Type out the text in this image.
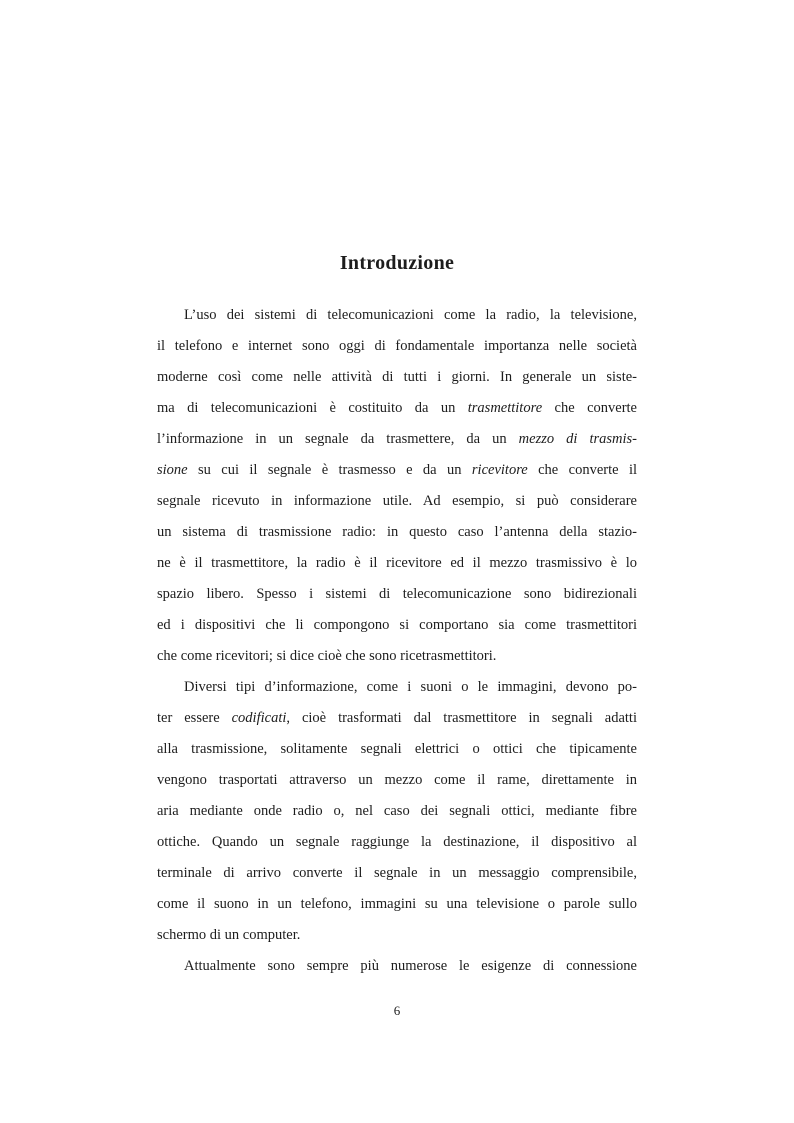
Introduzione
L’uso dei sistemi di telecomunicazioni come la radio, la televisione,
il telefono e internet sono oggi di fondamentale importanza nelle società
moderne così come nelle attività di tutti i giorni. In generale un siste-
ma di telecomunicazioni è costituito da un trasmettitore che converte
l’informazione in un segnale da trasmettere, da un mezzo di trasmis-
sione su cui il segnale è trasmesso e da un ricevitore che converte il
segnale ricevuto in informazione utile. Ad esempio, si può considerare
un sistema di trasmissione radio: in questo caso l’antenna della stazio-
ne è il trasmettitore, la radio è il ricevitore ed il mezzo trasmissivo è lo
spazio libero. Spesso i sistemi di telecomunicazione sono bidirezionali
ed i dispositivi che li compongono si comportano sia come trasmettitori
che come ricevitori; si dice cioè che sono ricetrasmettitori.
Diversi tipi d’informazione, come i suoni o le immagini, devono po-
ter essere codificati, cioè trasformati dal trasmettitore in segnali adatti
alla trasmissione, solitamente segnali elettrici o ottici che tipicamente
vengono trasportati attraverso un mezzo come il rame, direttamente in
aria mediante onde radio o, nel caso dei segnali ottici, mediante fibre
ottiche. Quando un segnale raggiunge la destinazione, il dispositivo al
terminale di arrivo converte il segnale in un messaggio comprensibile,
come il suono in un telefono, immagini su una televisione o parole sullo
schermo di un computer.
Attualmente sono sempre più numerose le esigenze di connessione
6
